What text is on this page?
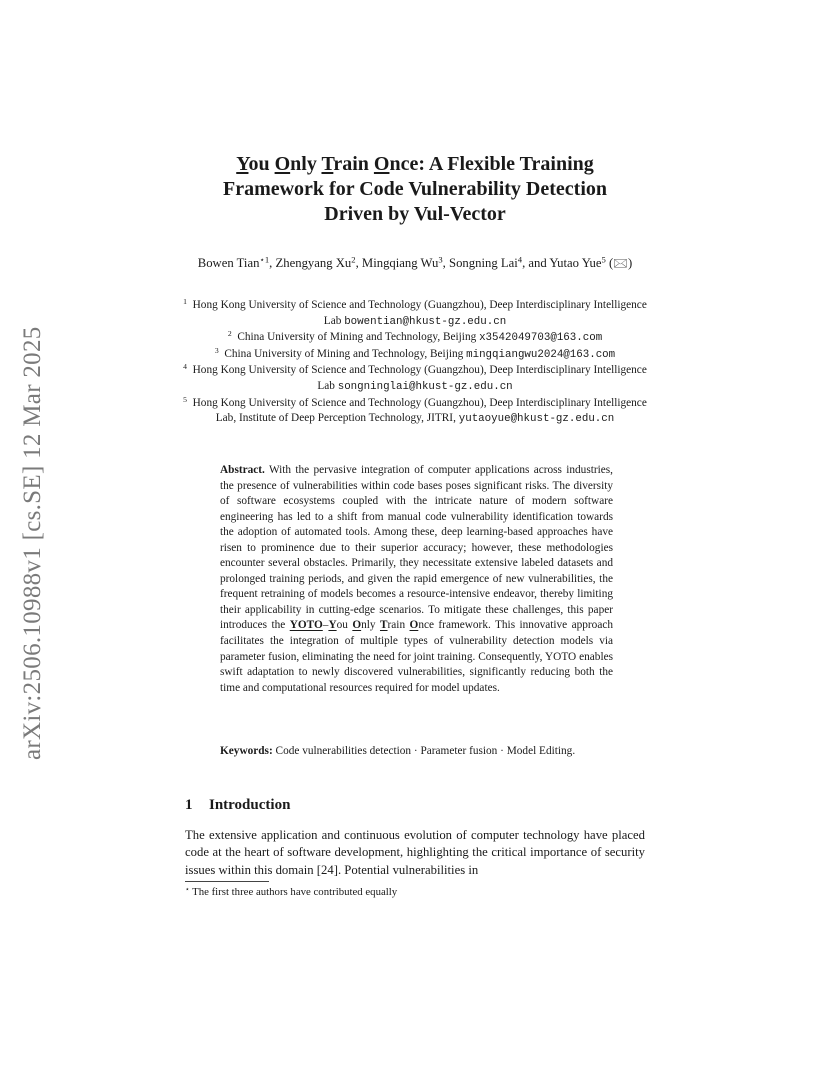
arXiv:2506.10988v1 [cs.SE] 12 Mar 2025
You Only Train Once: A Flexible Training
Framework for Code Vulnerability Detection
Driven by Vul-Vector
Bowen Tian$^{⋆1}$, Zhengyang Xu$^2$, Mingqiang Wu$^3$, Songning Lai$^4$, and Yutao Yue$^5$ (🖂)
$^1$ Hong Kong University of Science and Technology (Guangzhou), Deep Interdisciplinary Intelligence Lab bowentian@hkust-gz.edu.cn
$^2$ China University of Mining and Technology, Beijing x3542049703@163.com
$^3$ China University of Mining and Technology, Beijing mingqiangwu2024@163.com
$^4$ Hong Kong University of Science and Technology (Guangzhou), Deep Interdisciplinary Intelligence Lab songninglai@hkust-gz.edu.cn
$^5$ Hong Kong University of Science and Technology (Guangzhou), Deep Interdisciplinary Intelligence Lab, Institute of Deep Perception Technology, JITRI, yutaoyue@hkust-gz.edu.cn
Abstract. With the pervasive integration of computer applications across industries, the presence of vulnerabilities within code bases poses significant risks. The diversity of software ecosystems coupled with the intricate nature of modern software engineering has led to a shift from manual code vulnerability identification towards the adoption of automated tools. Among these, deep learning-based approaches have risen to prominence due to their superior accuracy; however, these methodologies encounter several obstacles. Primarily, they necessitate extensive labeled datasets and prolonged training periods, and given the rapid emergence of new vulnerabilities, the frequent retraining of models becomes a resource-intensive endeavor, thereby limiting their applicability in cutting-edge scenarios. To mitigate these challenges, this paper introduces the YOTO–You Only Train Once framework. This innovative approach facilitates the integration of multiple types of vulnerability detection models via parameter fusion, eliminating the need for joint training. Consequently, YOTO enables swift adaptation to newly discovered vulnerabilities, significantly reducing both the time and computational resources required for model updates.
Keywords: Code vulnerabilities detection · Parameter fusion · Model Editing.
1 Introduction
The extensive application and continuous evolution of computer technology have placed code at the heart of software development, highlighting the critical importance of security issues within this domain [24]. Potential vulnerabilities in
⋆ The first three authors have contributed equally
